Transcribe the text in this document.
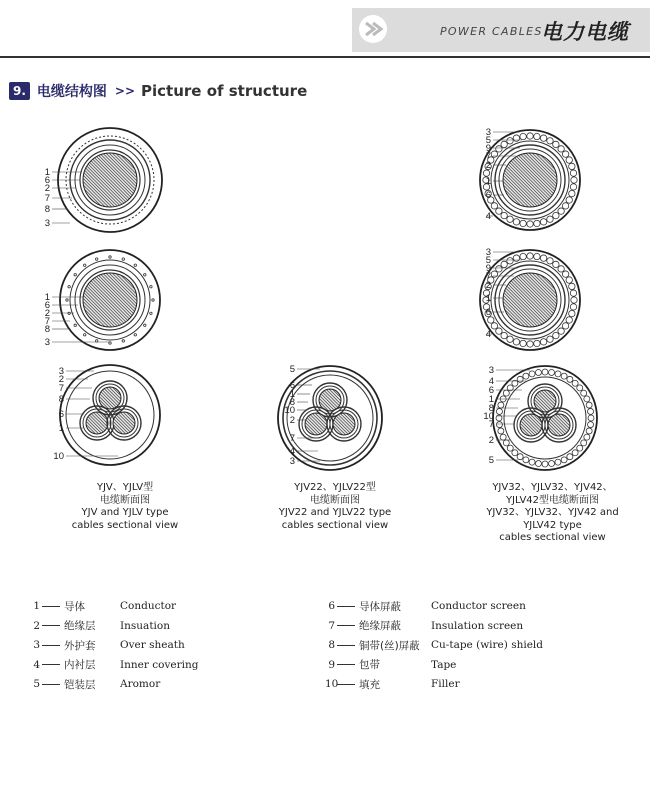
POWER CABLES
电力电缆
9. 电缆结构图 >> Picture of structure
1
6
2
7
8
3
1
6
2
7
8
3
3
2
7
8
6
1
10
5
6
1
8
10
2
7
4
3
3
5
9
7
2
1
6
4
3
5
9
7
2
1
6
4
3
4
6
1
8
10
7
2
5
YJV、YJLV型
电缆断面图
YJV and YJLV type
cables sectional view
YJV22、YJLV22型
电缆断面图
YJV22 and YJLV22 type
cables sectional view
YJV32、YJLV32、YJV42、
YJLV42型电缆断面图
YJV32、YJLV32、YJV42 and
YJLV42 type
cables sectional view
1 导体	Conductor
2 绝缘层	Insuation
3 外护套	Over sheath
4 内衬层	Inner covering
5 铠装层	Aromor
6 导体屏蔽	Conductor screen
7 绝缘屏蔽	Insulation screen
8 铜带(丝)屏蔽	Cu-tape (wire) shield
9 包带	Tape
10 填充	Filler
